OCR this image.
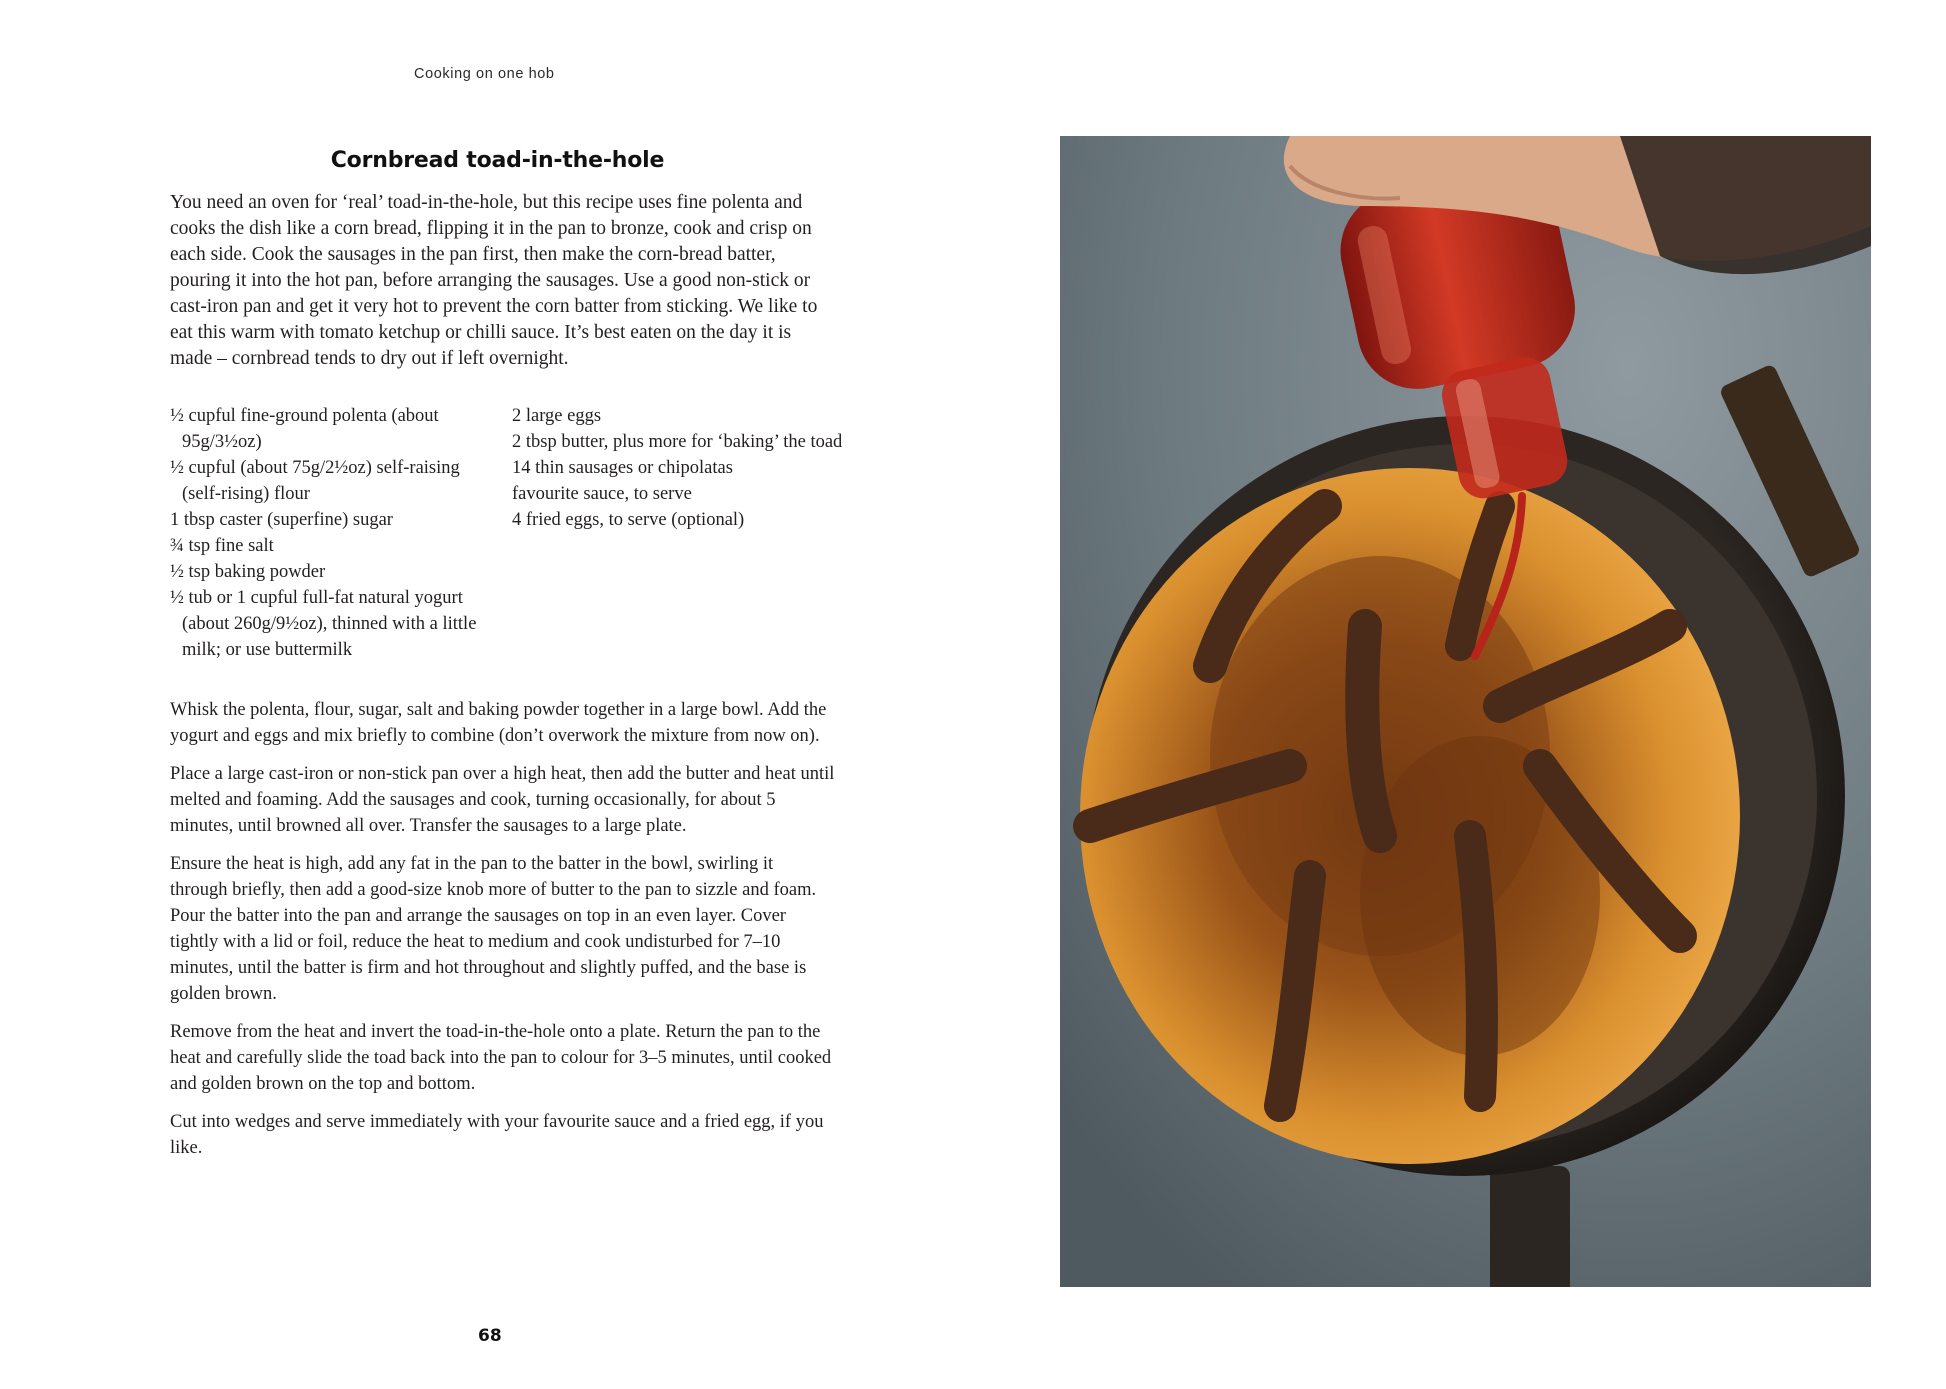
Cooking on one hob
Cornbread toad-in-the-hole

You need an oven for ‘real’ toad-in-the-hole, but this recipe uses fine polenta and cooks the dish like a corn bread, flipping it in the pan to bronze, cook and crisp on each side. Cook the sausages in the pan first, then make the corn-bread batter, pouring it into the hot pan, before arranging the sausages. Use a good non-stick or cast-iron pan and get it very hot to prevent the corn batter from sticking. We like to eat this warm with tomato ketchup or chilli sauce. It’s best eaten on the day it is made – cornbread tends to dry out if left overnight.

½ cupful fine-ground polenta (about 95g/3½oz)
½ cupful (about 75g/2½oz) self-raising (self-rising) flour
1 tbsp caster (superfine) sugar
¾ tsp fine salt
½ tsp baking powder
½ tub or 1 cupful full-fat natural yogurt (about 260g/9½oz), thinned with a little milk; or use buttermilk
2 large eggs
2 tbsp butter, plus more for ‘baking’ the toad
14 thin sausages or chipolatas
favourite sauce, to serve
4 fried eggs, to serve (optional)

Whisk the polenta, flour, sugar, salt and baking powder together in a large bowl. Add the yogurt and eggs and mix briefly to combine (don’t overwork the mixture from now on).

Place a large cast-iron or non-stick pan over a high heat, then add the butter and heat until melted and foaming. Add the sausages and cook, turning occasionally, for about 5 minutes, until browned all over. Transfer the sausages to a large plate.

Ensure the heat is high, add any fat in the pan to the batter in the bowl, swirling it through briefly, then add a good-size knob more of butter to the pan to sizzle and foam. Pour the batter into the pan and arrange the sausages on top in an even layer. Cover tightly with a lid or foil, reduce the heat to medium and cook undisturbed for 7–10 minutes, until the batter is firm and hot throughout and slightly puffed, and the base is golden brown.

Remove from the heat and invert the toad-in-the-hole onto a plate. Return the pan to the heat and carefully slide the toad back into the pan to colour for 3–5 minutes, until cooked and golden brown on the top and bottom.

Cut into wedges and serve immediately with your favourite sauce and a fried egg, if you like.

68
